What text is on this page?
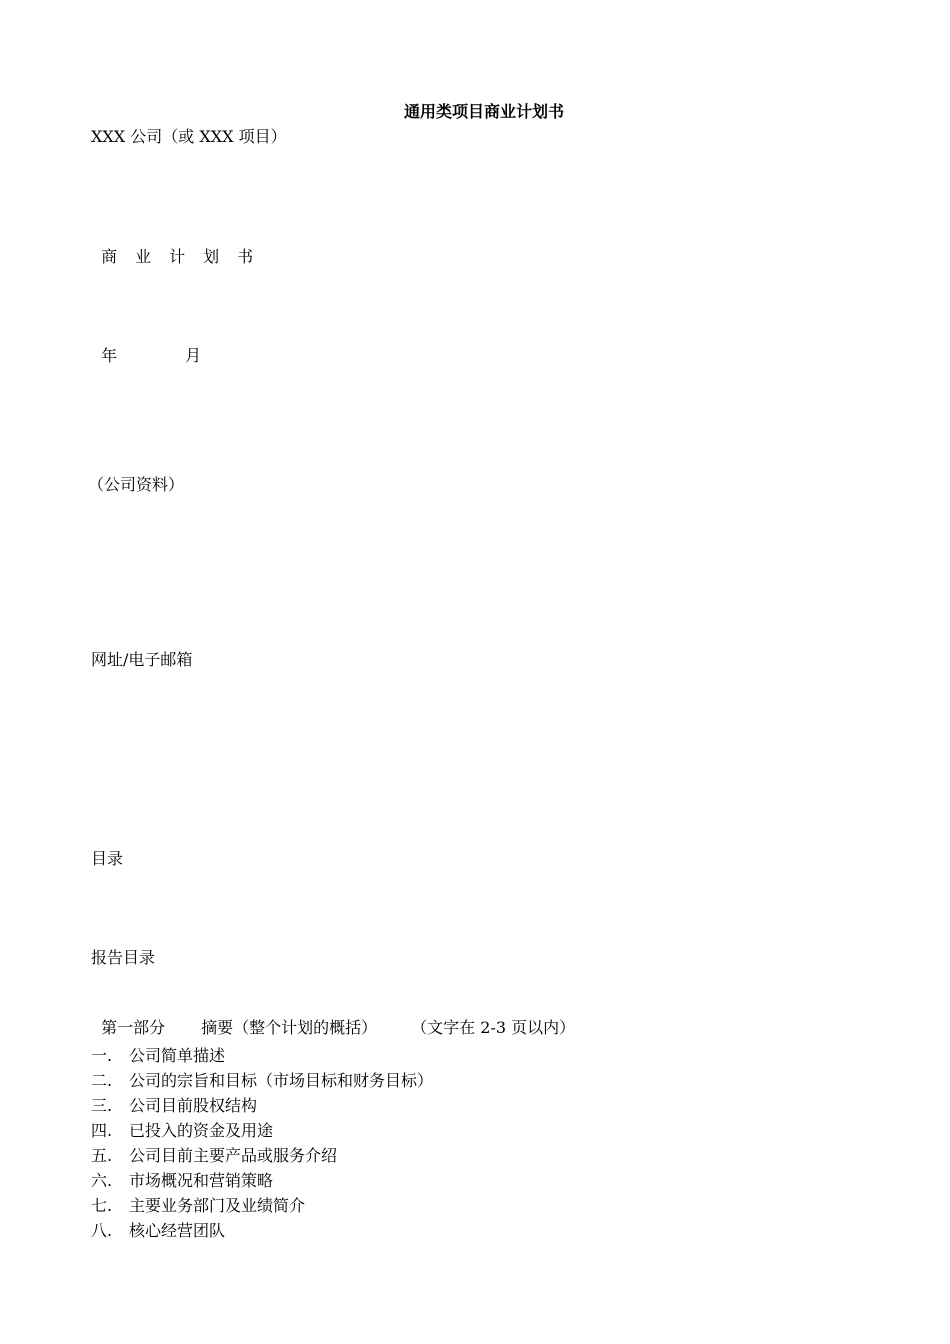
通用类项目商业计划书
XXX 公司（或 XXX 项目）

商 业 计 划 书

年	月

（公司资料）
网址/电子邮箱
目录
报告目录

第一部分 摘要（整个计划的概括） （文字在 2-3 页以内）

一. 公司简单描述
二. 公司的宗旨和目标（市场目标和财务目标）
三. 公司目前股权结构
四. 已投入的资金及用途
五. 公司目前主要产品或服务介绍
六. 市场概况和营销策略
七. 主要业务部门及业绩简介
八. 核心经营团队
